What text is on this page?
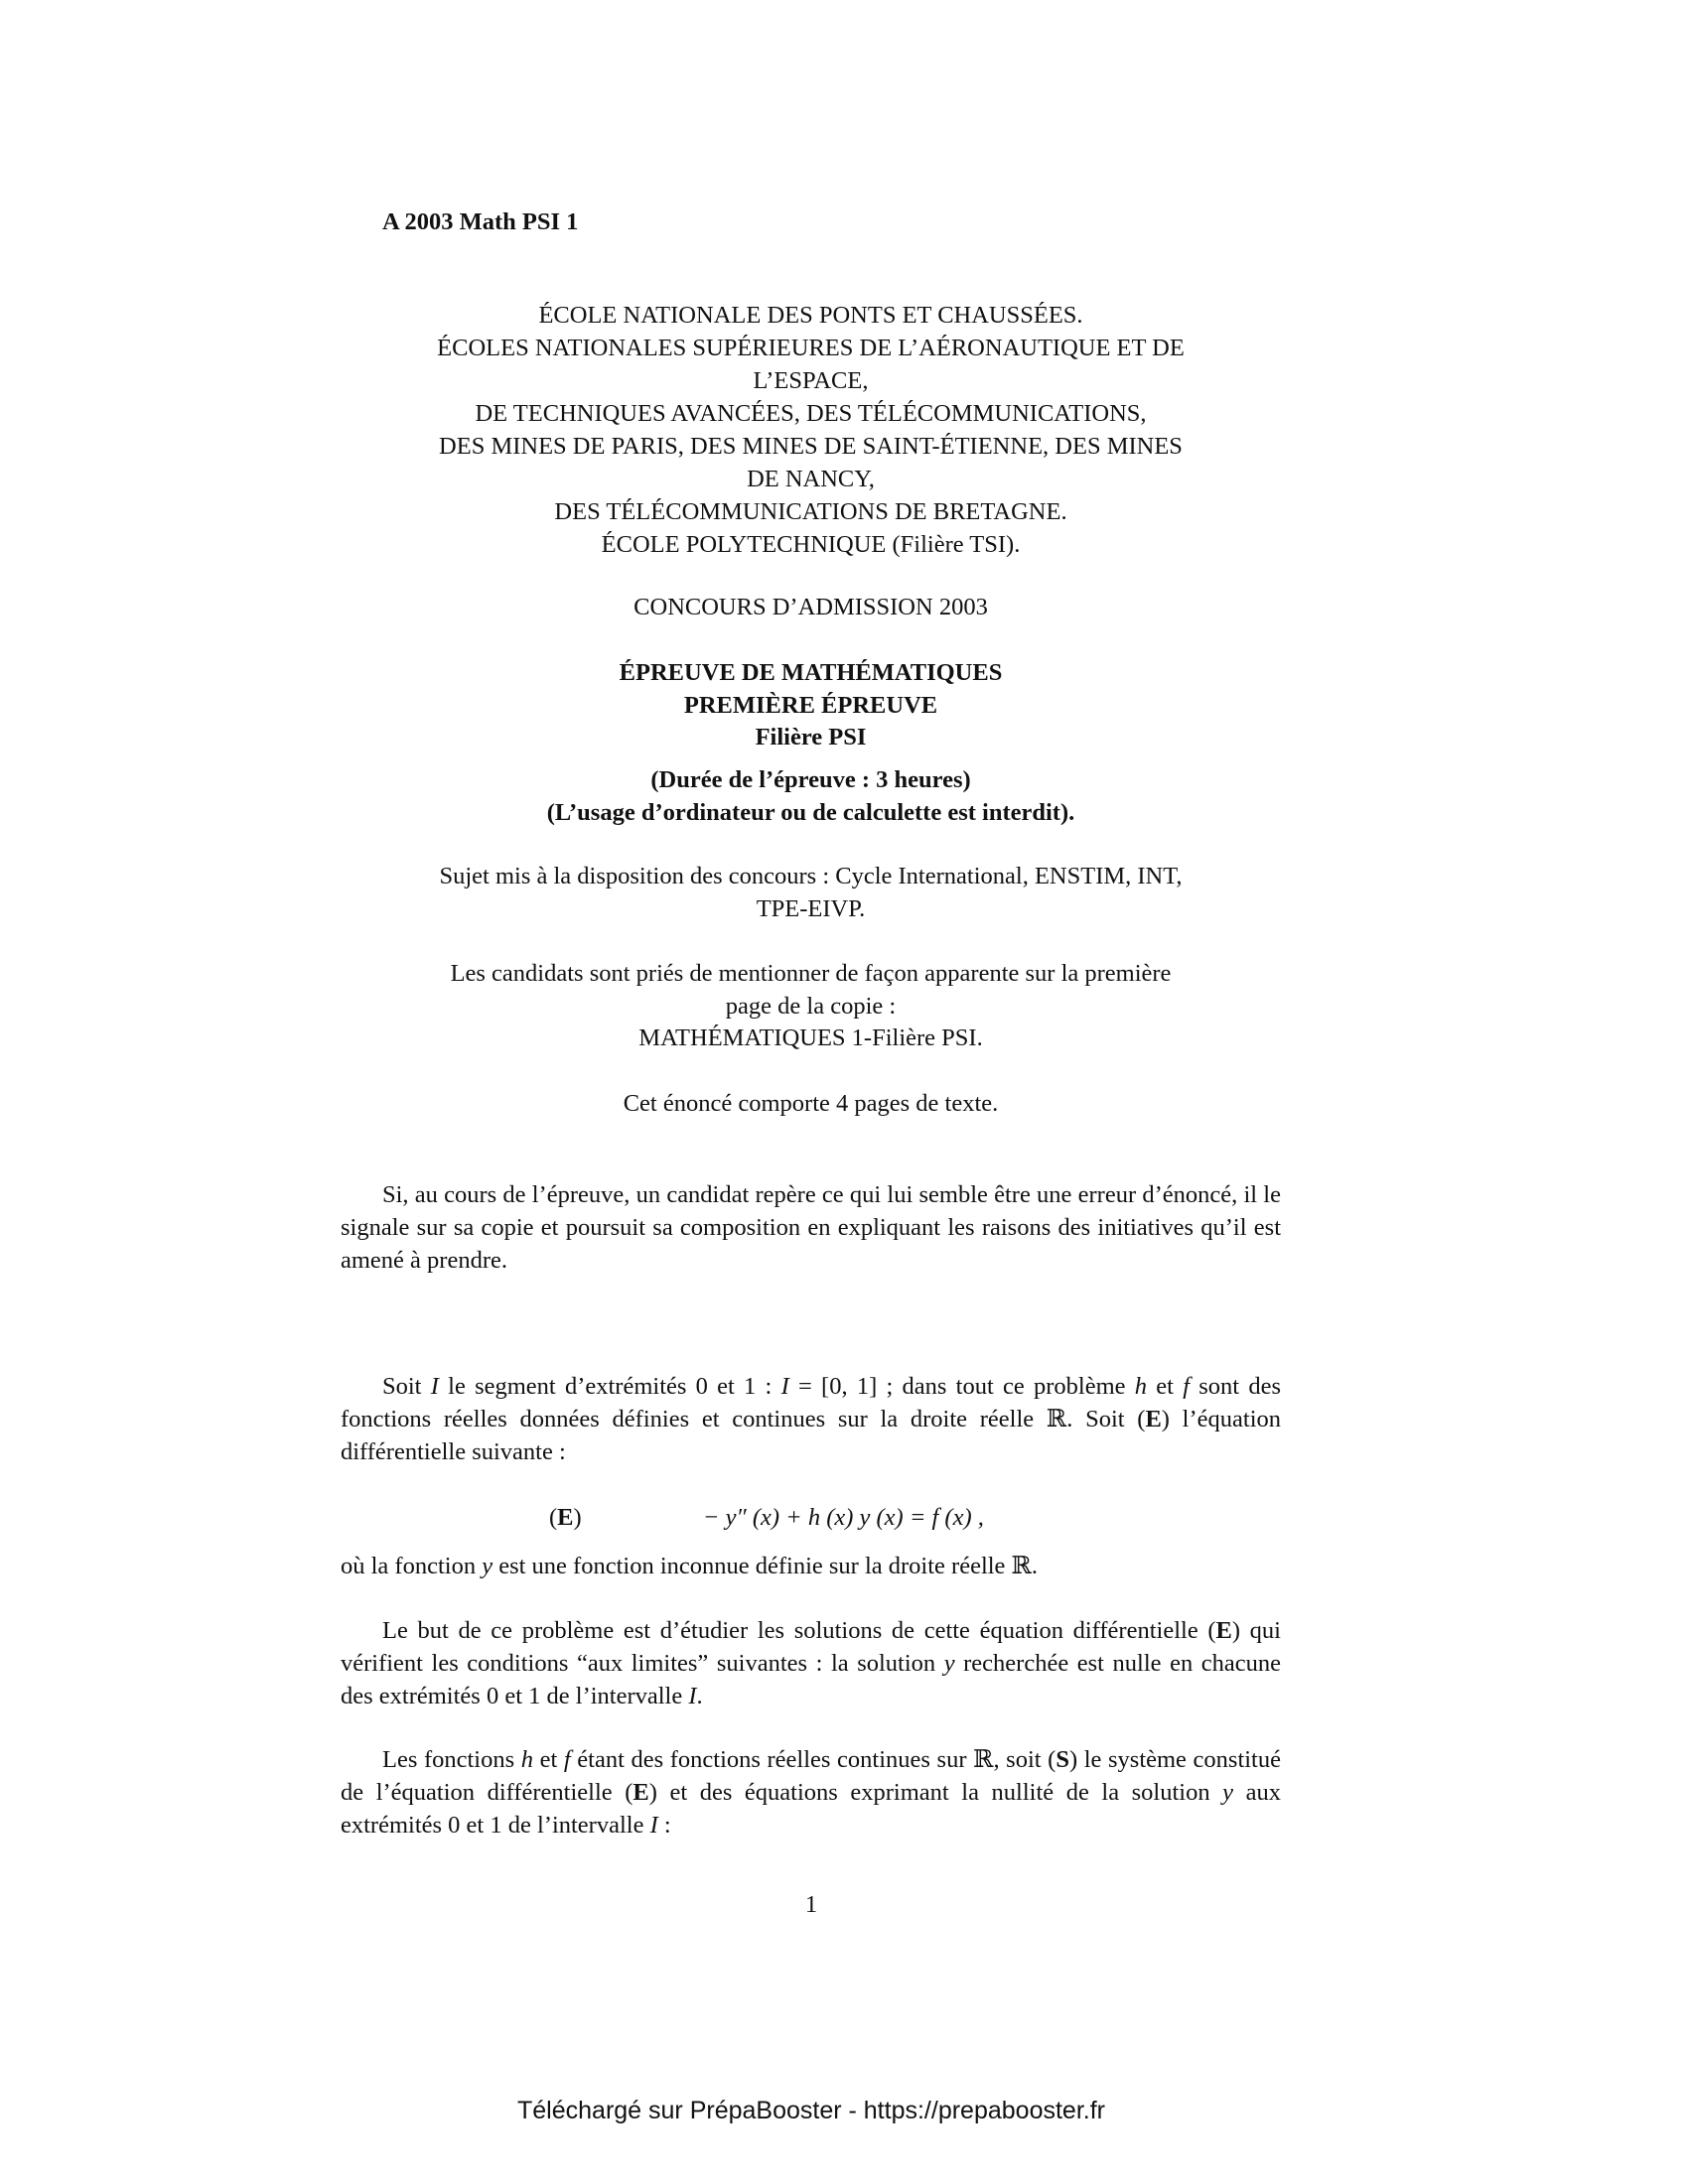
A 2003 Math PSI 1
ÉCOLE NATIONALE DES PONTS ET CHAUSSÉES.
ÉCOLES NATIONALES SUPÉRIEURES DE L’AÉRONAUTIQUE ET DE
L’ESPACE,
DE TECHNIQUES AVANCÉES, DES TÉLÉCOMMUNICATIONS,
DES MINES DE PARIS, DES MINES DE SAINT-ÉTIENNE, DES MINES
DE NANCY,
DES TÉLÉCOMMUNICATIONS DE BRETAGNE.
ÉCOLE POLYTECHNIQUE (Filière TSI).
CONCOURS D’ADMISSION 2003
ÉPREUVE DE MATHÉMATIQUES
PREMIÈRE ÉPREUVE
Filière PSI
(Durée de l’épreuve : 3 heures)
(L’usage d’ordinateur ou de calculette est interdit).
Sujet mis à la disposition des concours : Cycle International, ENSTIM, INT,
TPE-EIVP.
Les candidats sont priés de mentionner de façon apparente sur la première
page de la copie :
MATHÉMATIQUES 1-Filière PSI.
Cet énoncé comporte 4 pages de texte.
Si, au cours de l’épreuve, un candidat repère ce qui lui semble être une erreur d’énoncé, il le signale sur sa copie et poursuit sa composition en expliquant les raisons des initiatives qu’il est amené à prendre.
Soit I le segment d’extrémités 0 et 1 : I = [0, 1] ; dans tout ce problème h et f sont des fonctions réelles données définies et continues sur la droite réelle ℝ. Soit (E) l’équation différentielle suivante :
(E)	− y″ (x) + h (x) y (x) = f (x) ,
où la fonction y est une fonction inconnue définie sur la droite réelle ℝ.
Le but de ce problème est d’étudier les solutions de cette équation différentielle (E) qui vérifient les conditions “aux limites” suivantes : la solution y recherchée est nulle en chacune des extrémités 0 et 1 de l’intervalle I.
Les fonctions h et f étant des fonctions réelles continues sur ℝ, soit (S) le système constitué de l’équation différentielle (E) et des équations exprimant la nullité de la solution y aux extrémités 0 et 1 de l’intervalle I :
1
Téléchargé sur PrépaBooster - https://prepabooster.fr
